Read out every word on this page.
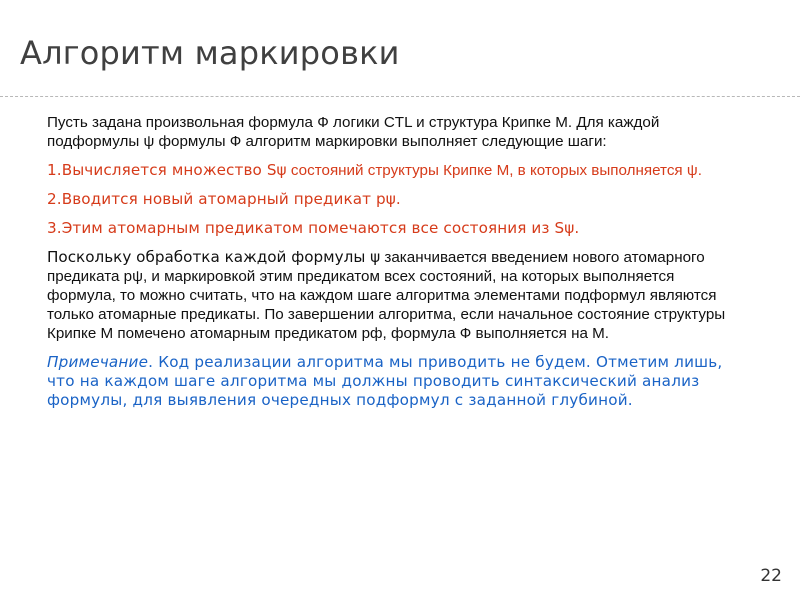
Алгоритм маркировки

Пусть задана произвольная формула Ф логики CTL и структура Крипке M. Для каждой подформулы ψ формулы Ф алгоритм маркировки выполняет следующие шаги:

1.Вычисляется множество Sψ состояний структуры Крипке M, в которых выполняется ψ.

2.Вводится новый атомарный предикат рψ.

3.Этим атомарным предикатом помечаются все состояния из Sψ.

Поскольку обработка каждой формулы ψ заканчивается введением нового атомарного предиката рψ, и маркировкой этим предикатом всех состояний, на которых выполняется формула, то можно считать, что на каждом шаге алгоритма элементами подформул являются только атомарные предикаты. По завершении алгоритма, если начальное состояние структуры Крипке M помечено атомарным предикатом рф, формула Ф выполняется на M.

Примечание. Код реализации алгоритма мы приводить не будем. Отметим лишь, что на каждом шаге алгоритма мы должны проводить синтаксический анализ формулы, для выявления очередных подформул с заданной глубиной.

22
